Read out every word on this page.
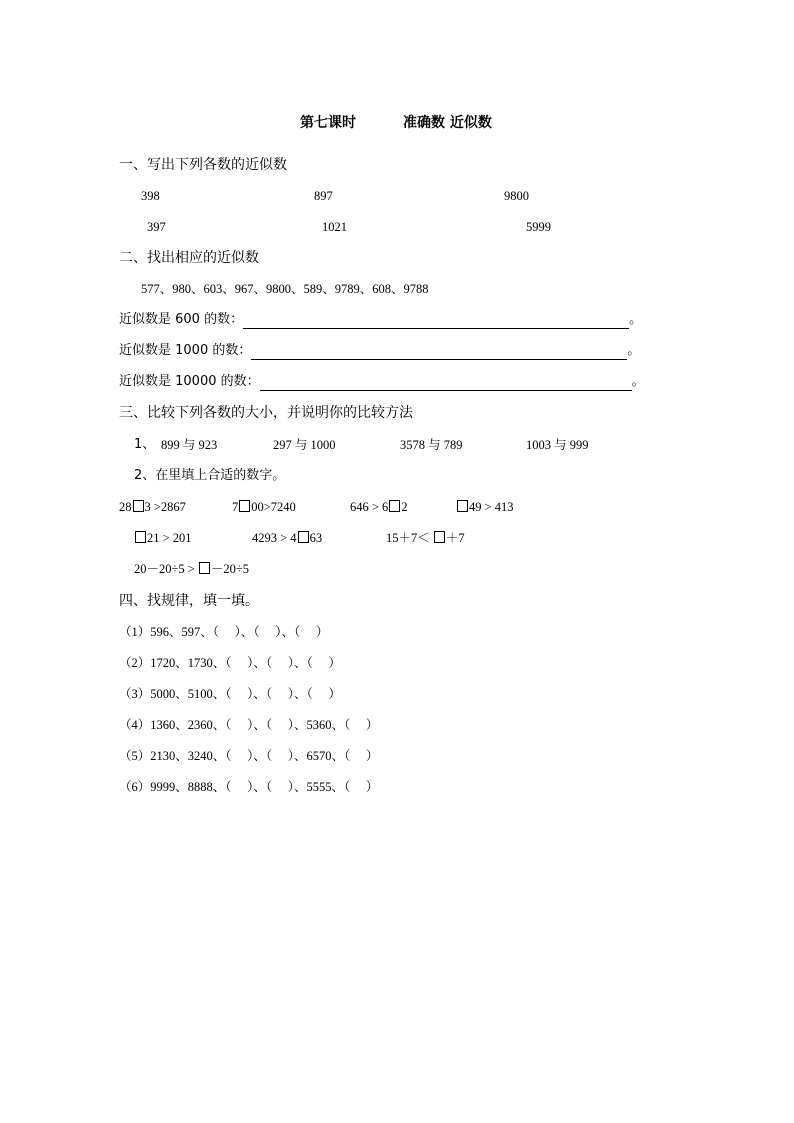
第七课时	准确数 近似数
一、写出下列各数的近似数
398	897	9800
397	1021	5999
二、找出相应的近似数
577、980、603、967、9800、589、9789、608、9788
近似数是 600 的数：	。
近似数是 1000 的数：	。
近似数是 10000 的数：	。
三、比较下列各数的大小，并说明你的比较方法
1、 899 与 923	297 与 1000	3578 与 789	1003 与 999
2、在里填上合适的数字。
28 3 >2867	7 00>7240	646 > 6 2	49 > 413
21 > 201	4293 > 4 63	15＋7＜ ＋7
20－20÷5 > －20÷5
四、找规律，填一填。
（1）596、597、（　 ）、（　 ）、（　 ）
（2）1720、1730、（　 ）、（　 ）、（　 ）
（3）5000、5100、（　 ）、（　 ）、（　 ）
（4）1360、2360、（　 ）、（　 ）、5360、（　 ）
（5）2130、3240、（　 ）、（　 ）、6570、（　 ）
（6）9999、8888、（　 ）、（　 ）、5555、（　 ）
